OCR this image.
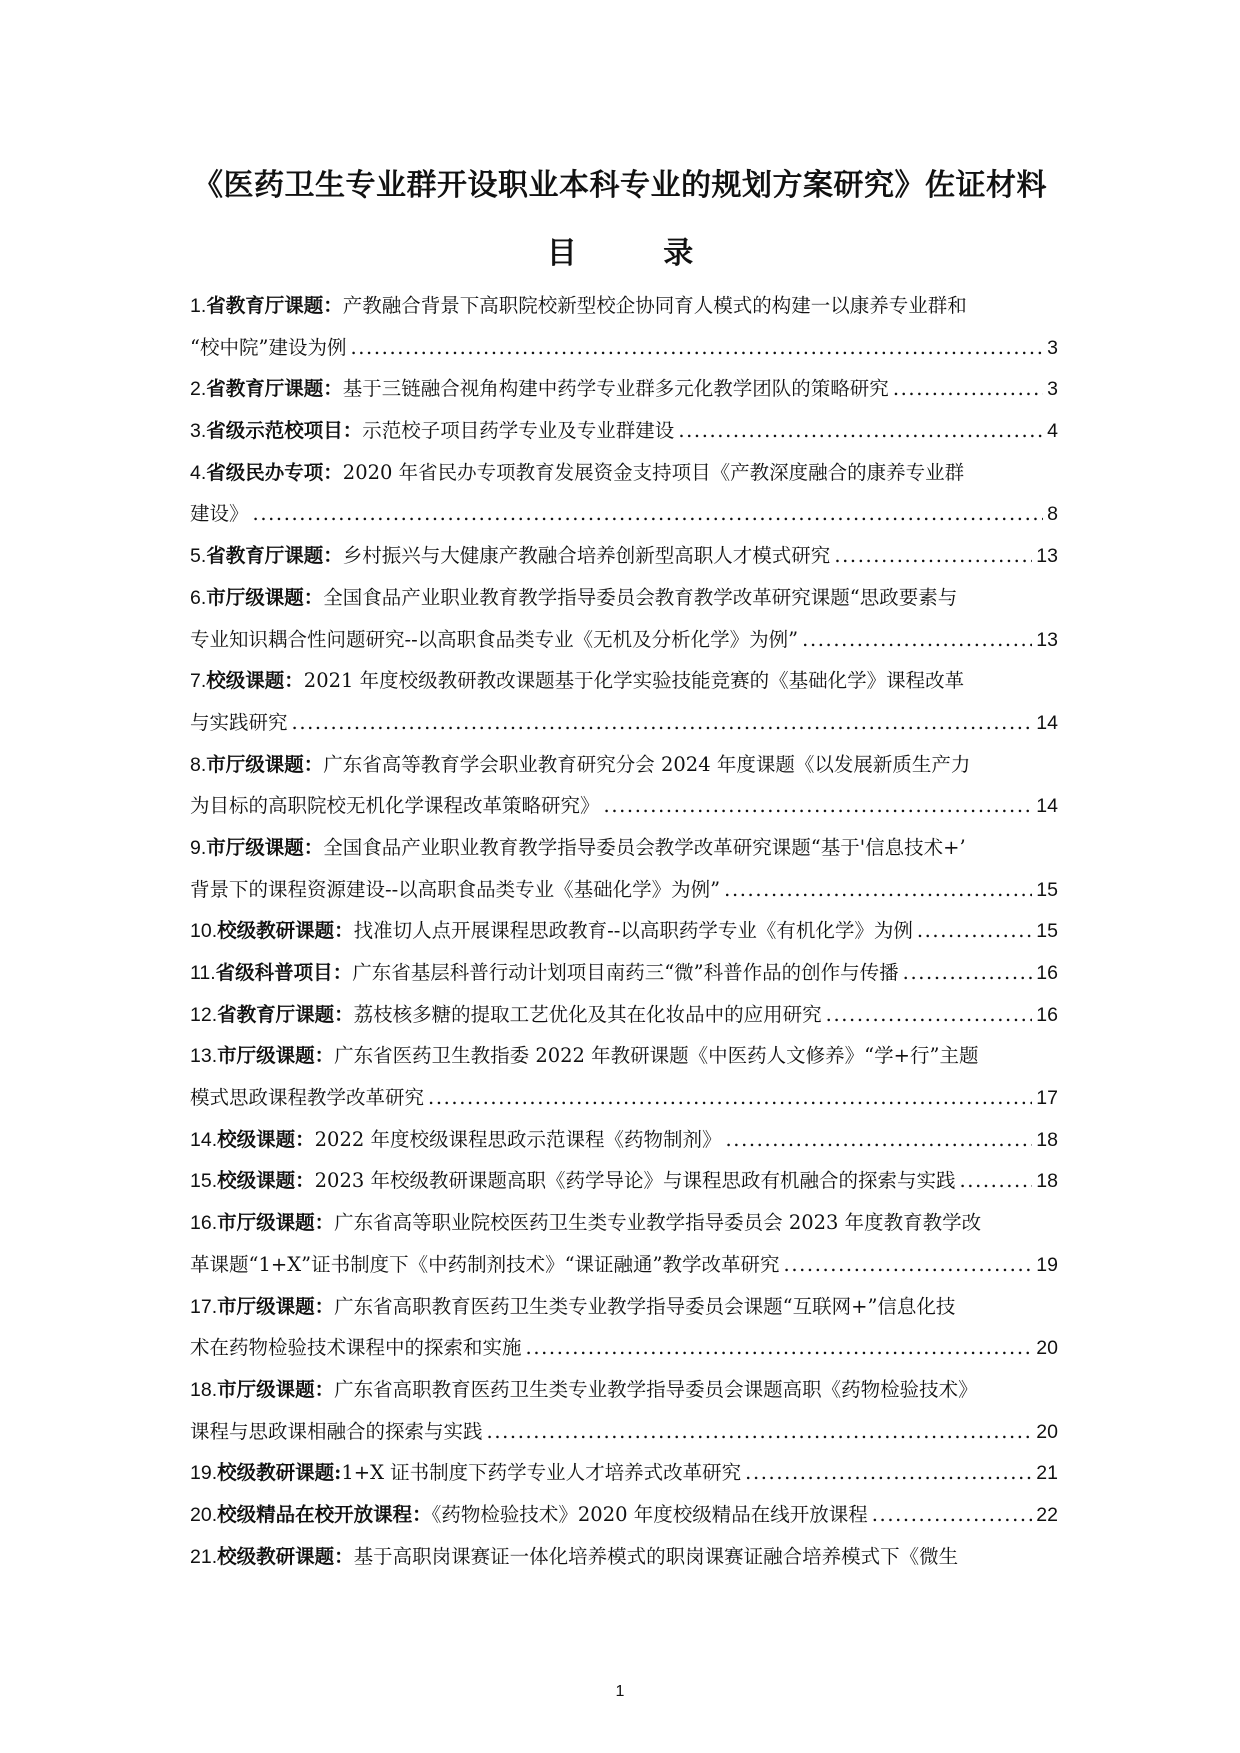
《医药卫生专业群开设职业本科专业的规划方案研究》佐证材料
目 录
1.省教育厅课题：产教融合背景下高职院校新型校企协同育人模式的构建一以康养专业群和
“校中院”建设为例 .....	3
2.省教育厅课题：基于三链融合视角构建中药学专业群多元化教学团队的策略研究 .....	3
3.省级示范校项目：示范校子项目药学专业及专业群建设 .....	4
4.省级民办专项：2020 年省民办专项教育发展资金支持项目《产教深度融合的康养专业群
建设》 .....	8
5.省教育厅课题：乡村振兴与大健康产教融合培养创新型高职人才模式研究 .....	13
6.市厅级课题：全国食品产业职业教育教学指导委员会教育教学改革研究课题“思政要素与
专业知识耦合性问题研究--以高职食品类专业《无机及分析化学》为例” .....	13
7.校级课题：2021 年度校级教研教改课题基于化学实验技能竞赛的《基础化学》课程改革
与实践研究 .....	14
8.市厅级课题：广东省高等教育学会职业教育研究分会 2024 年度课题《以发展新质生产力
为目标的高职院校无机化学课程改革策略研究》 .....	14
9.市厅级课题：全国食品产业职业教育教学指导委员会教学改革研究课题“基于'信息技术+’
背景下的课程资源建设--以高职食品类专业《基础化学》为例” .....	15
10.校级教研课题：找准切人点开展课程思政教育--以高职药学专业《有机化学》为例 .....	15
11.省级科普项目：广东省基层科普行动计划项目南药三“微”科普作品的创作与传播 .....	16
12.省教育厅课题：荔枝核多糖的提取工艺优化及其在化妆品中的应用研究 .....	16
13.市厅级课题：广东省医药卫生教指委 2022 年教研课题《中医药人文修养》“学+行”主题
模式思政课程教学改革研究 .....	17
14.校级课题：2022 年度校级课程思政示范课程《药物制剂》 .....	18
15.校级课题：2023 年校级教研课题高职《药学导论》与课程思政有机融合的探索与实践 .....	18
16.市厅级课题：广东省高等职业院校医药卫生类专业教学指导委员会 2023 年度教育教学改
革课题“1+X”证书制度下《中药制剂技术》“课证融通”教学改革研究 .....	19
17.市厅级课题：广东省高职教育医药卫生类专业教学指导委员会课题“互联网+”信息化技
术在药物检验技术课程中的探索和实施 .....	20
18.市厅级课题：广东省高职教育医药卫生类专业教学指导委员会课题高职《药物检验技术》
课程与思政课相融合的探索与实践 .....	20
19.校级教研课题:1+X 证书制度下药学专业人才培养式改革研究 .....	21
20.校级精品在校开放课程：《药物检验技术》2020 年度校级精品在线开放课程 .....	22
21.校级教研课题：基于高职岗课赛证一体化培养模式的职岗课赛证融合培养模式下《微生
1
